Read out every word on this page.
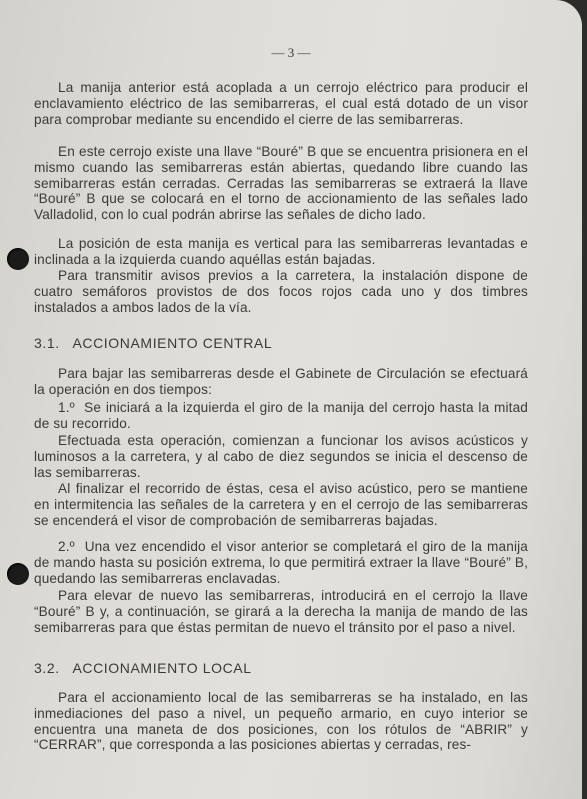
— 3 —

La manija anterior está acoplada a un cerrojo eléctrico para producir el enclavamiento eléctrico de las semibarreras, el cual está dotado de un visor para comprobar mediante su encendido el cierre de las semibarreras.

En este cerrojo existe una llave “Bouré” B que se encuentra prisionera en el mismo cuando las semibarreras están abiertas, quedando libre cuando las semibarreras están cerradas. Cerradas las semibarreras se extraerá la llave “Bouré” B que se colocará en el torno de accionamiento de las señales lado Valladolid, con lo cual podrán abrirse las señales de dicho lado.

La posición de esta manija es vertical para las semibarreras levantadas e inclinada a la izquierda cuando aquéllas están bajadas.

Para transmitir avisos previos a la carretera, la instalación dispone de cuatro semáforos provistos de dos focos rojos cada uno y dos timbres instalados a ambos lados de la vía.

3.1.   ACCIONAMIENTO CENTRAL

Para bajar las semibarreras desde el Gabinete de Circulación se efectuará la operación en dos tiempos:

1.º  Se iniciará a la izquierda el giro de la manija del cerrojo hasta la mitad de su recorrido.

Efectuada esta operación, comienzan a funcionar los avisos acústicos y luminosos a la carretera, y al cabo de diez segundos se inicia el descenso de las semibarreras.

Al finalizar el recorrido de éstas, cesa el aviso acústico, pero se mantiene en intermitencia las señales de la carretera y en el cerrojo de las semibarreras se encenderá el visor de comprobación de semibarreras bajadas.

2.º  Una vez encendido el visor anterior se completará el giro de la manija de mando hasta su posición extrema, lo que permitirá extraer la llave “Bouré” B, quedando las semibarreras enclavadas.

Para elevar de nuevo las semibarreras, introducirá en el cerrojo la llave “Bouré” B y, a continuación, se girará a la derecha la manija de mando de las semibarreras para que éstas permitan de nuevo el tránsito por el paso a nivel.

3.2.   ACCIONAMIENTO LOCAL

Para el accionamiento local de las semibarreras se ha instalado, en las inmediaciones del paso a nivel, un pequeño armario, en cuyo interior se encuentra una maneta de dos posiciones, con los rótulos de “ABRIR” y “CERRAR”, que corresponda a las posiciones abiertas y cerradas, res-
